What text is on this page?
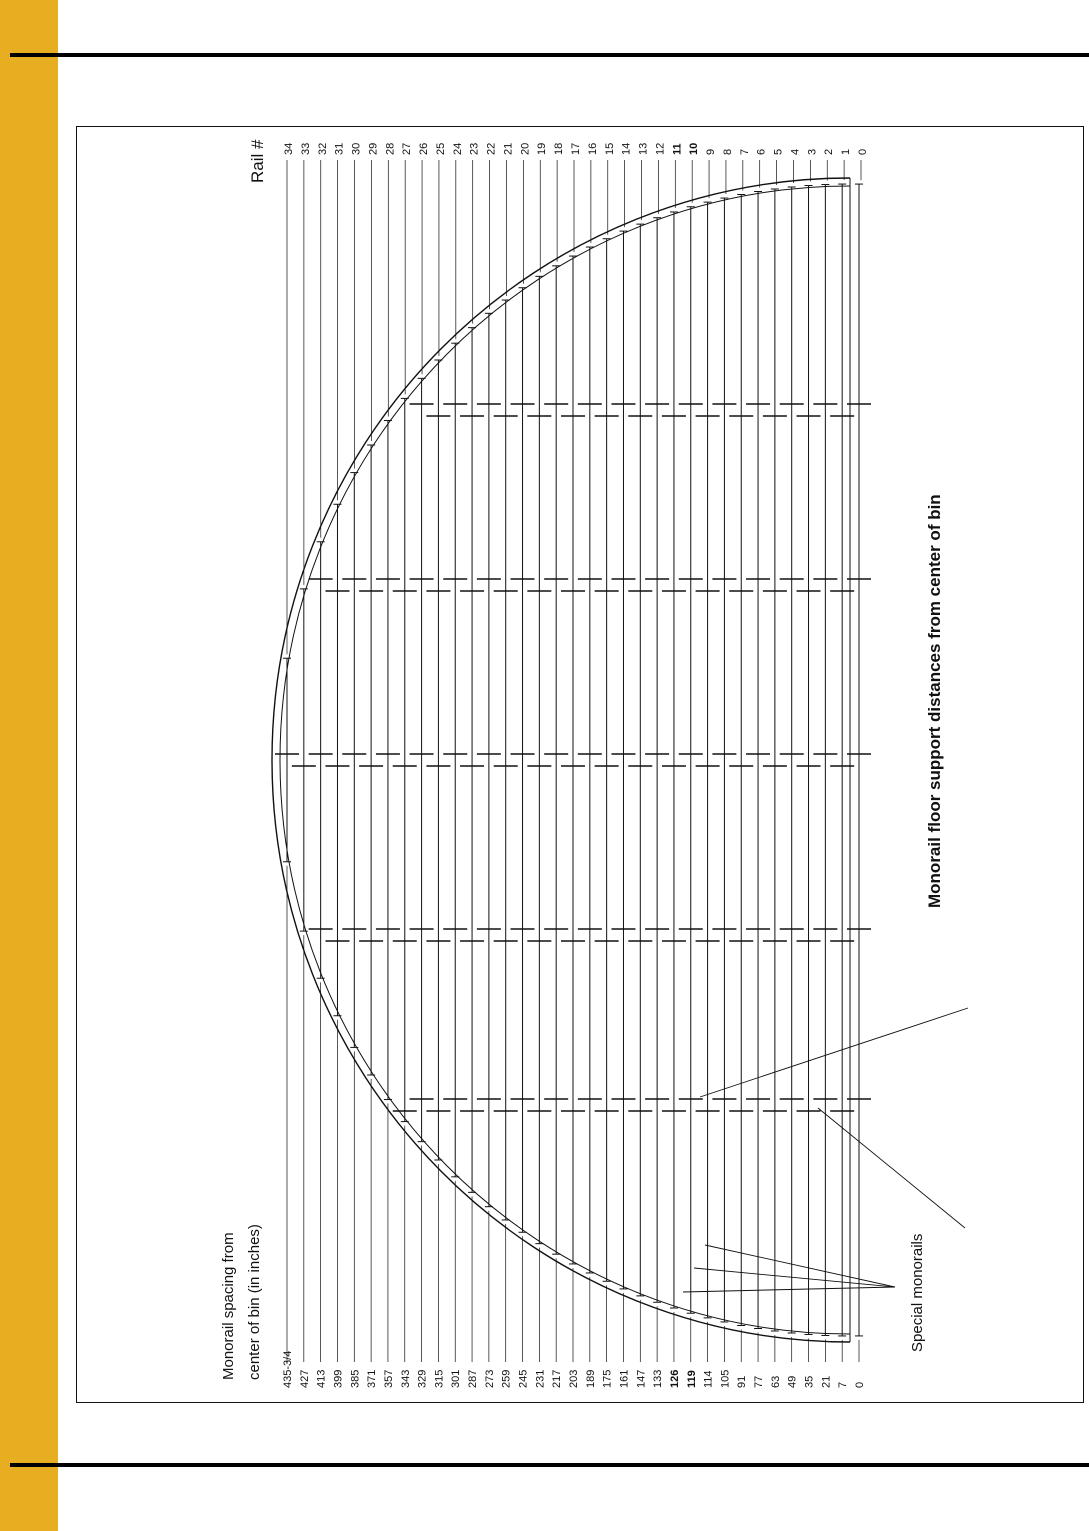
34
435-3/4
33
427
32
413
31
399
30
385
29
371
28
357
27
343
26
329
25
315
24
301
23
287
22
273
21
259
20
245
19
231
18
217
17
203
16
189
15
175
14
161
13
147
12
133
11
126
10
119
9
114
8
105
7
91
6
77
5
63
4
49
3
35
2
21
1
7
0
0
Monorail spacing from center of bin (in inches)
Rail #
Monorail floor support distances from center of bin
Special monorails
